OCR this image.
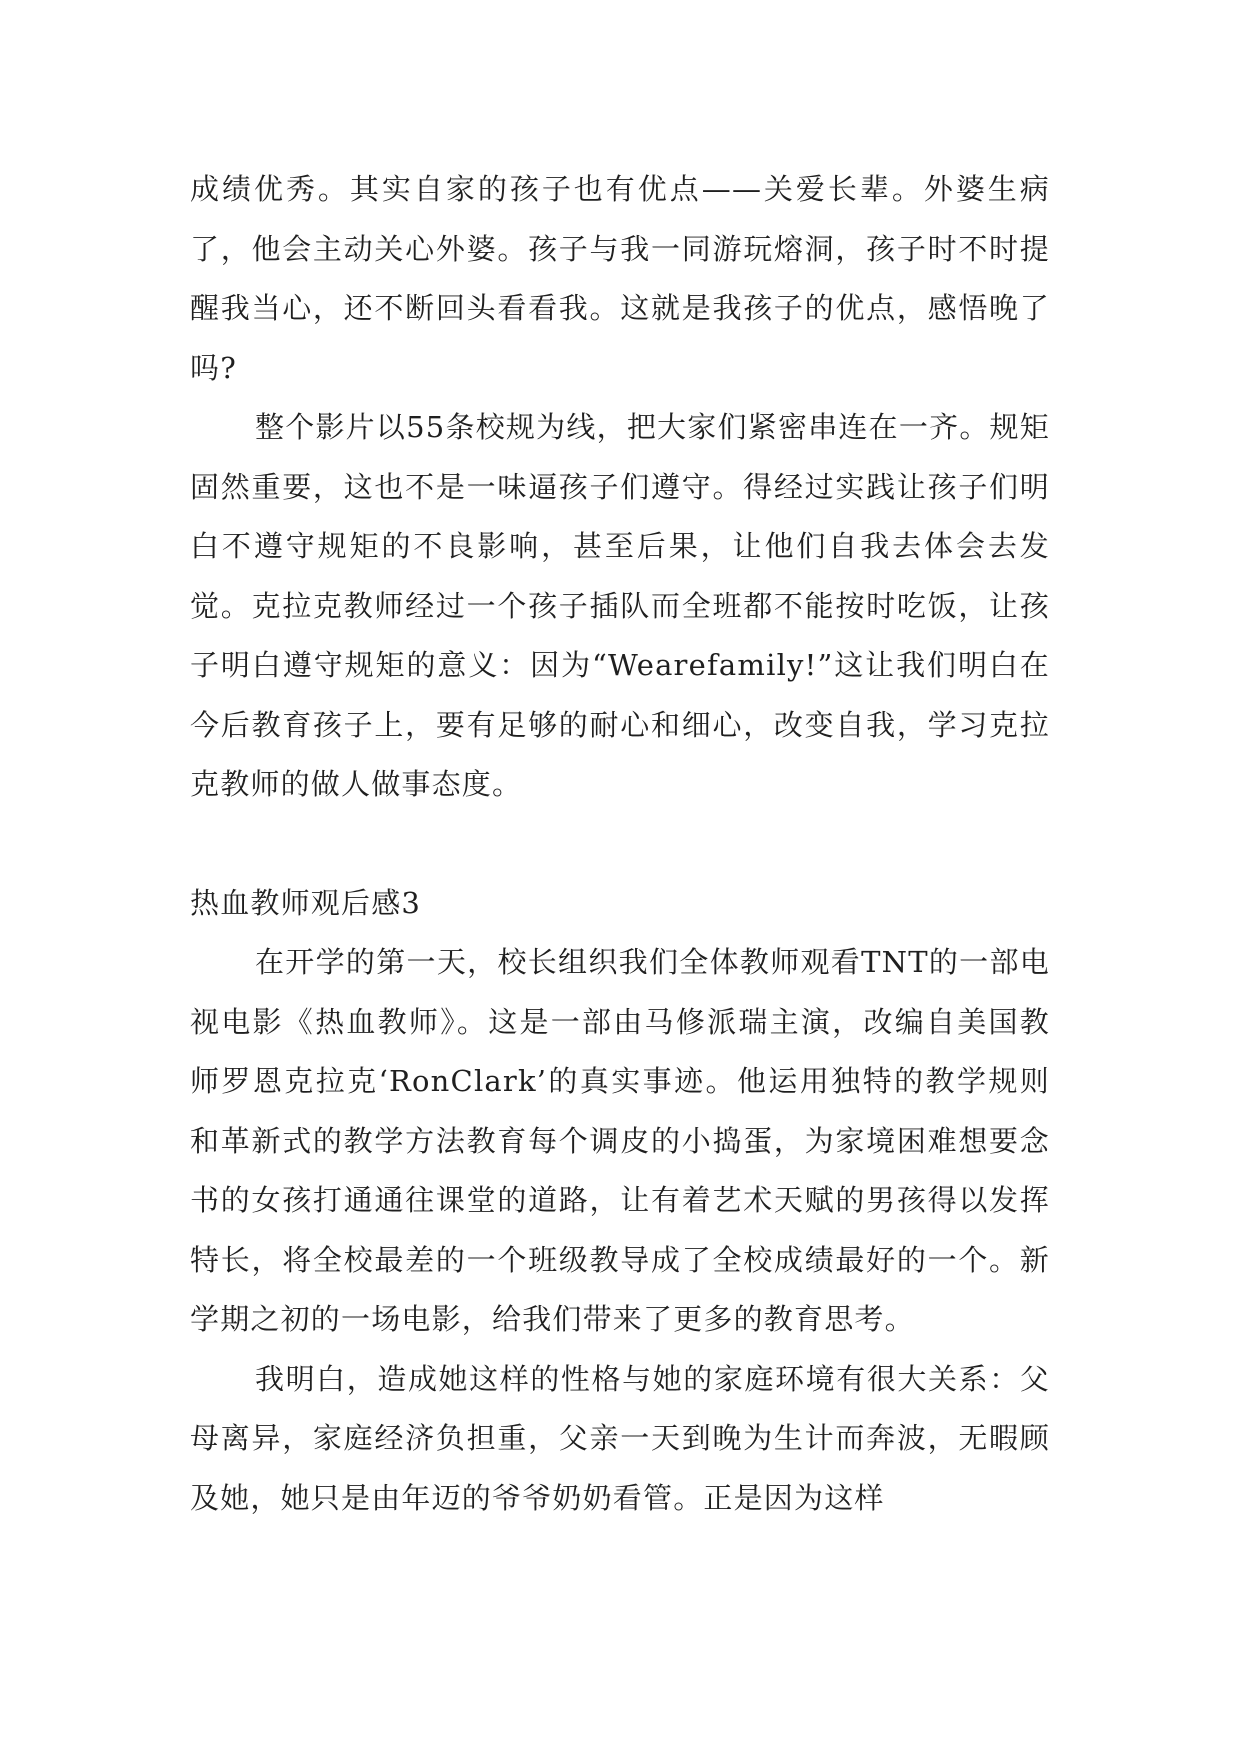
成绩优秀。其实自家的孩子也有优点——关爱长辈。外婆生病了，他会主动关心外婆。孩子与我一同游玩熔洞，孩子时不时提醒我当心，还不断回头看看我。这就是我孩子的优点，感悟晚了吗?

整个影片以55条校规为线，把大家们紧密串连在一齐。规矩固然重要，这也不是一味逼孩子们遵守。得经过实践让孩子们明白不遵守规矩的不良影响，甚至后果，让他们自我去体会去发觉。克拉克教师经过一个孩子插队而全班都不能按时吃饭，让孩子明白遵守规矩的意义：因为“Wearefamily!”这让我们明白在今后教育孩子上，要有足够的耐心和细心，改变自我，学习克拉克教师的做人做事态度。

热血教师观后感3

在开学的第一天，校长组织我们全体教师观看TNT的一部电视电影《热血教师》。这是一部由马修派瑞主演，改编自美国教师罗恩克拉克‘RonClark’的真实事迹。他运用独特的教学规则和革新式的教学方法教育每个调皮的小捣蛋，为家境困难想要念书的女孩打通通往课堂的道路，让有着艺术天赋的男孩得以发挥特长，将全校最差的一个班级教导成了全校成绩最好的一个。新学期之初的一场电影，给我们带来了更多的教育思考。

我明白，造成她这样的性格与她的家庭环境有很大关系：父母离异，家庭经济负担重，父亲一天到晚为生计而奔波，无暇顾及她，她只是由年迈的爷爷奶奶看管。正是因为这样
